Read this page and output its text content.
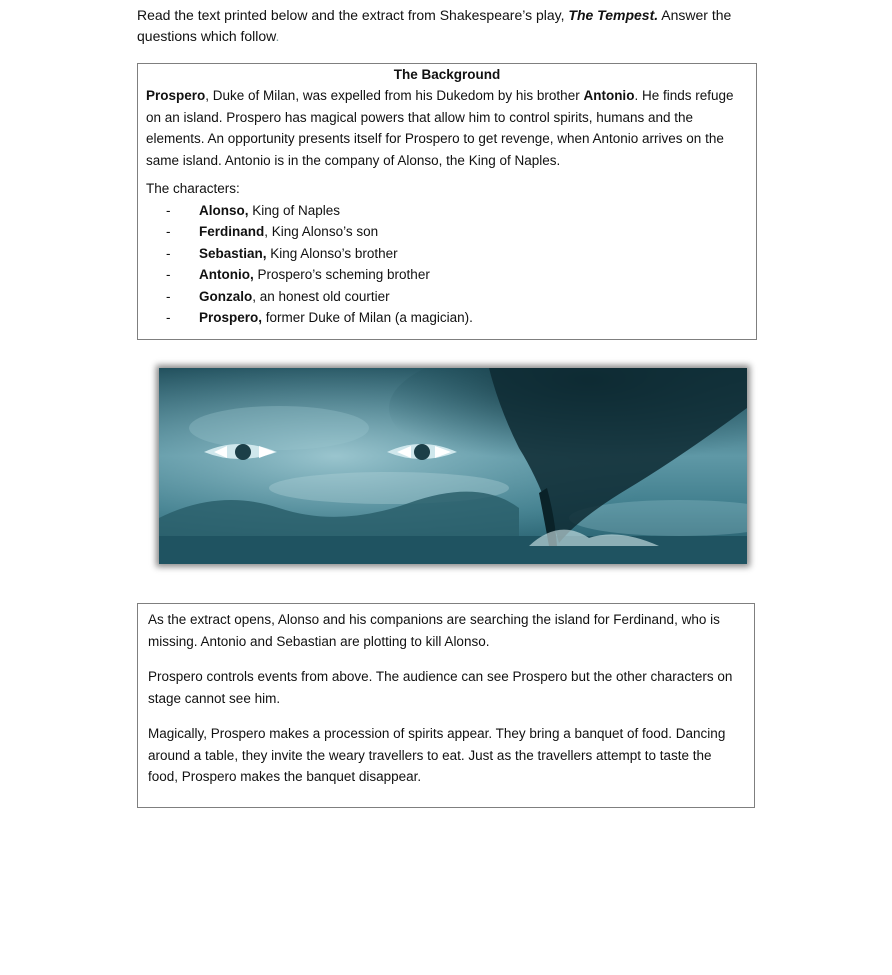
Read the text printed below and the extract from Shakespeare’s play, The Tempest. Answer the questions which follow.

The Background

Prospero, Duke of Milan, was expelled from his Dukedom by his brother Antonio. He finds refuge on an island. Prospero has magical powers that allow him to control spirits, humans and the elements. An opportunity presents itself for Prospero to get revenge, when Antonio arrives on the same island. Antonio is in the company of Alonso, the King of Naples.

The characters:

- Alonso, King of Naples
- Ferdinand, King Alonso’s son
- Sebastian, King Alonso’s brother
- Antonio, Prospero’s scheming brother
- Gonzalo, an honest old courtier
- Prospero, former Duke of Milan (a magician).

As the extract opens, Alonso and his companions are searching the island for Ferdinand, who is missing. Antonio and Sebastian are plotting to kill Alonso.

Prospero controls events from above. The audience can see Prospero but the other characters on stage cannot see him.

Magically, Prospero makes a procession of spirits appear. They bring a banquet of food. Dancing around a table, they invite the weary travellers to eat. Just as the travellers attempt to taste the food, Prospero makes the banquet disappear.
